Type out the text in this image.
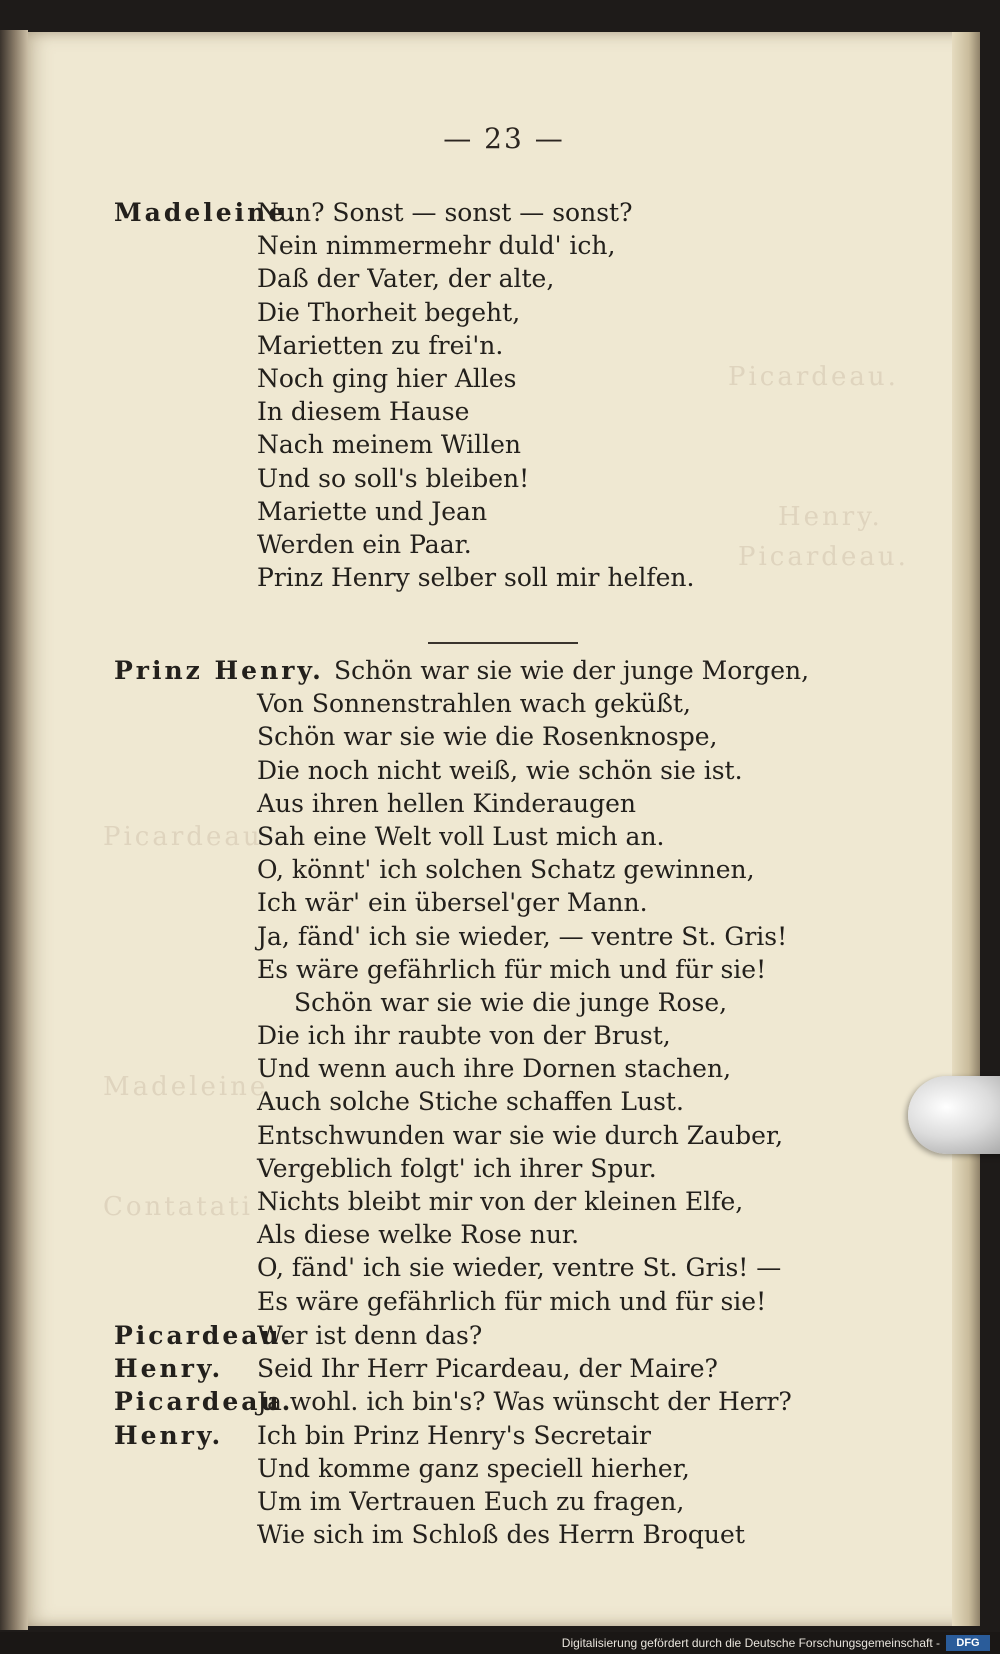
Picardeau.
Henry.
Picardeau.
Picardeau
Madeleine
Contatati
— 23 —
Madeleine.Nun? Sonst — sonst — sonst?
Nein nimmermehr duld' ich,
Daß der Vater, der alte,
Die Thorheit begeht,
Marietten zu frei'n.
Noch ging hier Alles
In diesem Hause
Nach meinem Willen
Und so soll's bleiben!
Mariette und Jean
Werden ein Paar.
Prinz Henry selber soll mir helfen.
Prinz Henry. Schön war sie wie der junge Morgen,
Von Sonnenstrahlen wach geküßt,
Schön war sie wie die Rosenknospe,
Die noch nicht weiß, wie schön sie ist.
Aus ihren hellen Kinderaugen
Sah eine Welt voll Lust mich an.
O, könnt' ich solchen Schatz gewinnen,
Ich wär' ein übersel'ger Mann.
Ja, fänd' ich sie wieder, — ventre St. Gris!
Es wäre gefährlich für mich und für sie!
Schön war sie wie die junge Rose,
Die ich ihr raubte von der Brust,
Und wenn auch ihre Dornen stachen,
Auch solche Stiche schaffen Lust.
Entschwunden war sie wie durch Zauber,
Vergeblich folgt' ich ihrer Spur.
Nichts bleibt mir von der kleinen Elfe,
Als diese welke Rose nur.
O, fänd' ich sie wieder, ventre St. Gris! —
Es wäre gefährlich für mich und für sie!
Picardeau.Wer ist denn das?
Henry. Seid Ihr Herr Picardeau, der Maire?
Picardeau.Ja wohl. ich bin's? Was wünscht der Herr?
Henry. Ich bin Prinz Henry's Secretair
Und komme ganz speciell hierher,
Um im Vertrauen Euch zu fragen,
Wie sich im Schloß des Herrn Broquet
Digitalisierung gefördert durch die Deutsche Forschungsgemeinschaft -	DFG
